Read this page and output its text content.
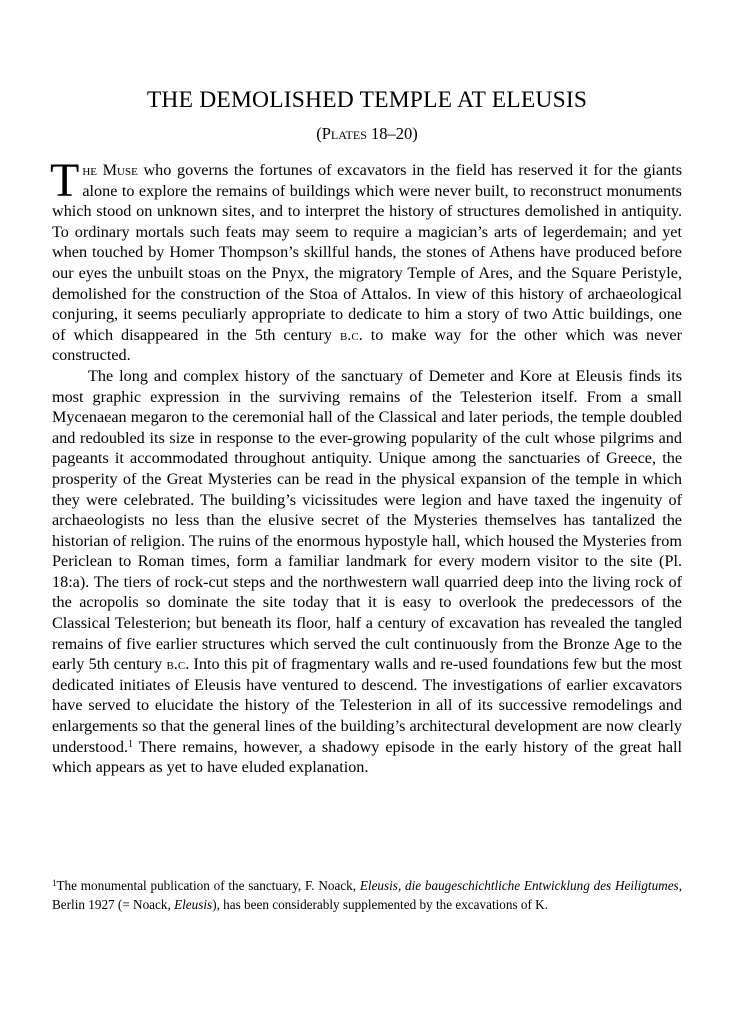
THE DEMOLISHED TEMPLE AT ELEUSIS
(Plates 18–20)

The Muse who governs the fortunes of excavators in the field has reserved it for the giants alone to explore the remains of buildings which were never built, to reconstruct monuments which stood on unknown sites, and to interpret the history of structures demolished in antiquity. To ordinary mortals such feats may seem to require a magician’s arts of legerdemain; and yet when touched by Homer Thompson’s skillful hands, the stones of Athens have produced before our eyes the unbuilt stoas on the Pnyx, the migratory Temple of Ares, and the Square Peristyle, demolished for the construction of the Stoa of Attalos. In view of this history of archaeological conjuring, it seems peculiarly appropriate to dedicate to him a story of two Attic buildings, one of which disappeared in the 5th century b.c. to make way for the other which was never constructed.

The long and complex history of the sanctuary of Demeter and Kore at Eleusis finds its most graphic expression in the surviving remains of the Telesterion itself. From a small Mycenaean megaron to the ceremonial hall of the Classical and later periods, the temple doubled and redoubled its size in response to the ever-growing popularity of the cult whose pilgrims and pageants it accommodated throughout antiquity. Unique among the sanctuaries of Greece, the prosperity of the Great Mysteries can be read in the physical expansion of the temple in which they were celebrated. The building’s vicissitudes were legion and have taxed the ingenuity of archaeologists no less than the elusive secret of the Mysteries themselves has tantalized the historian of religion. The ruins of the enormous hypostyle hall, which housed the Mysteries from Periclean to Roman times, form a familiar landmark for every modern visitor to the site (Pl. 18:a). The tiers of rock-cut steps and the northwestern wall quarried deep into the living rock of the acropolis so dominate the site today that it is easy to overlook the predecessors of the Classical Telesterion; but beneath its floor, half a century of excavation has revealed the tangled remains of five earlier structures which served the cult continuously from the Bronze Age to the early 5th century b.c. Into this pit of fragmentary walls and re-used foundations few but the most dedicated initiates of Eleusis have ventured to descend. The investigations of earlier excavators have served to elucidate the history of the Telesterion in all of its successive remodelings and enlargements so that the general lines of the building’s architectural development are now clearly understood.$^1$ There remains, however, a shadowy episode in the early history of the great hall which appears as yet to have eluded explanation.

$^1$The monumental publication of the sanctuary, F. Noack, Eleusis, die baugeschichtliche Entwicklung des Heiligtumes, Berlin 1927 (= Noack, Eleusis), has been considerably supplemented by the excavations of K.
